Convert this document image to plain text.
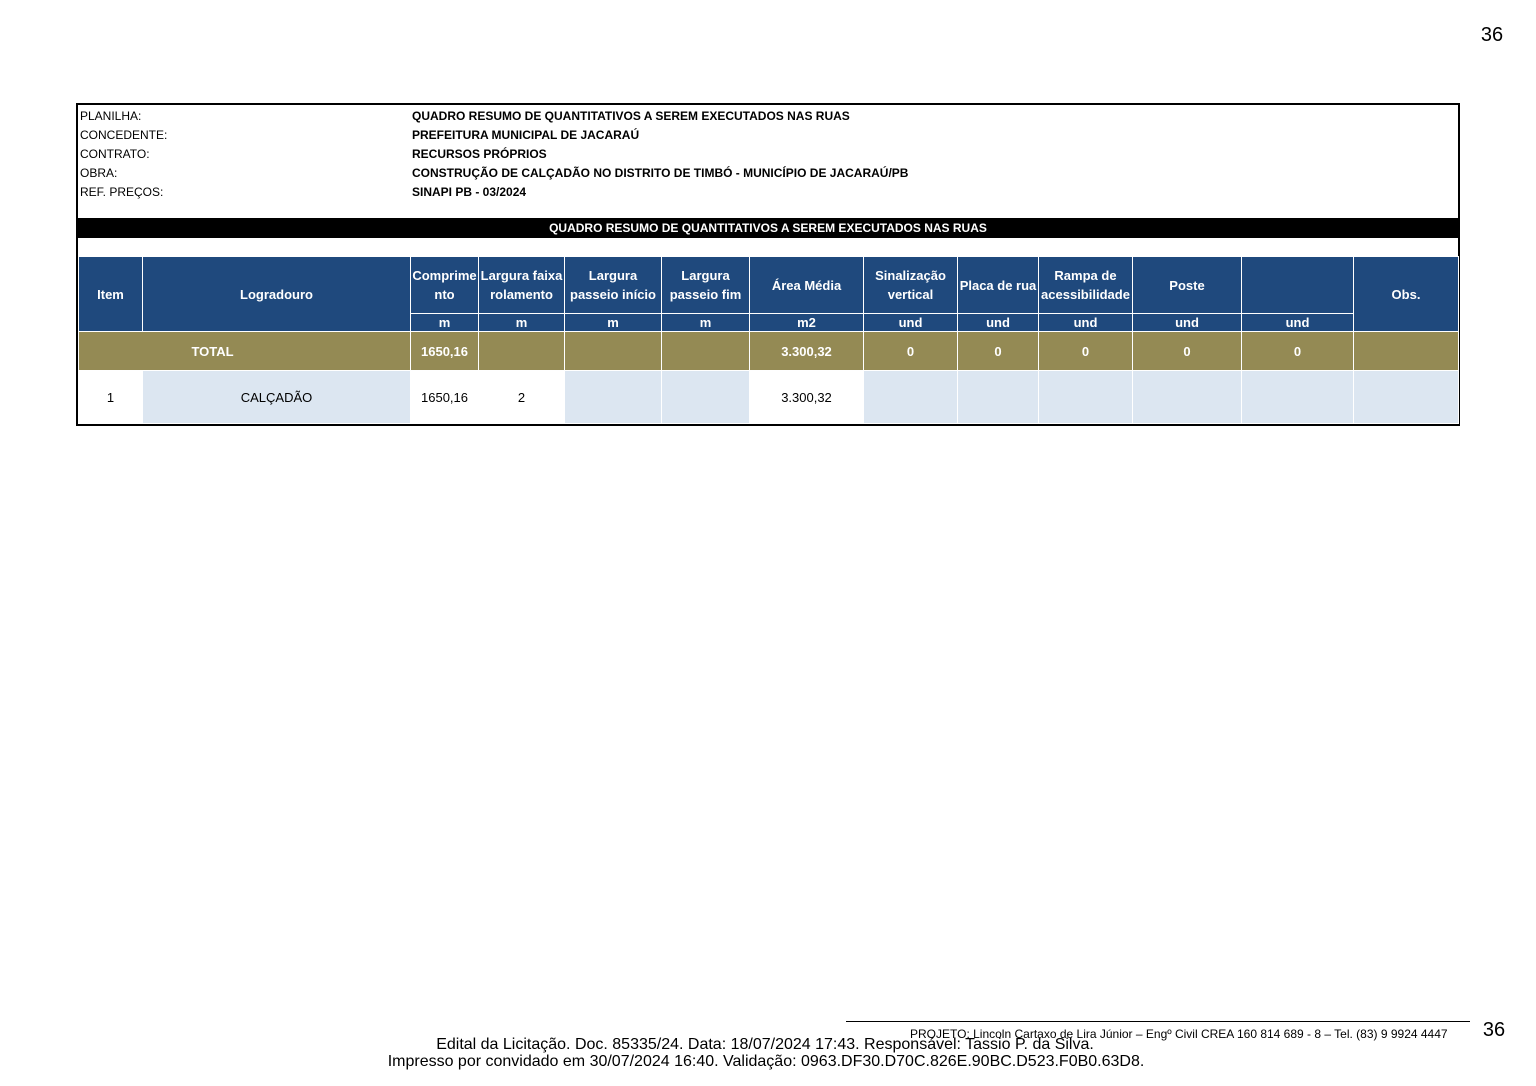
36
PLANILHA:	QUADRO RESUMO DE QUANTITATIVOS A SEREM EXECUTADOS NAS RUAS
CONCEDENTE:	PREFEITURA MUNICIPAL DE JACARAÚ
CONTRATO:	RECURSOS PRÓPRIOS
OBRA:	CONSTRUÇÃO DE CALÇADÃO NO DISTRITO DE TIMBÓ - MUNICÍPIO DE JACARAÚ/PB
REF. PREÇOS:	SINAPI PB - 03/2024
QUADRO RESUMO DE QUANTITATIVOS A SEREM EXECUTADOS NAS RUAS
Item	Logradouro	Comprime nto	Largura faixa rolamento	Largura passeio início	Largura passeio fim	Área Média	Sinalização vertical	Placa de rua	Rampa de acessibilidade	Poste		Obs.
		m	m	m	m	m2	und	und	und	und	und	
TOTAL		1650,16				3.300,32	0	0	0	0	0	
1	CALÇADÃO	1650,16	2			3.300,32						
PROJETO: Lincoln Cartaxo de Lira Júnior – Engº Civil CREA 160 814 689 - 8 – Tel. (83) 9 9924 4447	36
Edital da Licitação. Doc. 85335/24. Data: 18/07/2024 17:43. Responsável: Tassio P. da Silva.
Impresso por convidado em 30/07/2024 16:40. Validação: 0963.DF30.D70C.826E.90BC.D523.F0B0.63D8.
